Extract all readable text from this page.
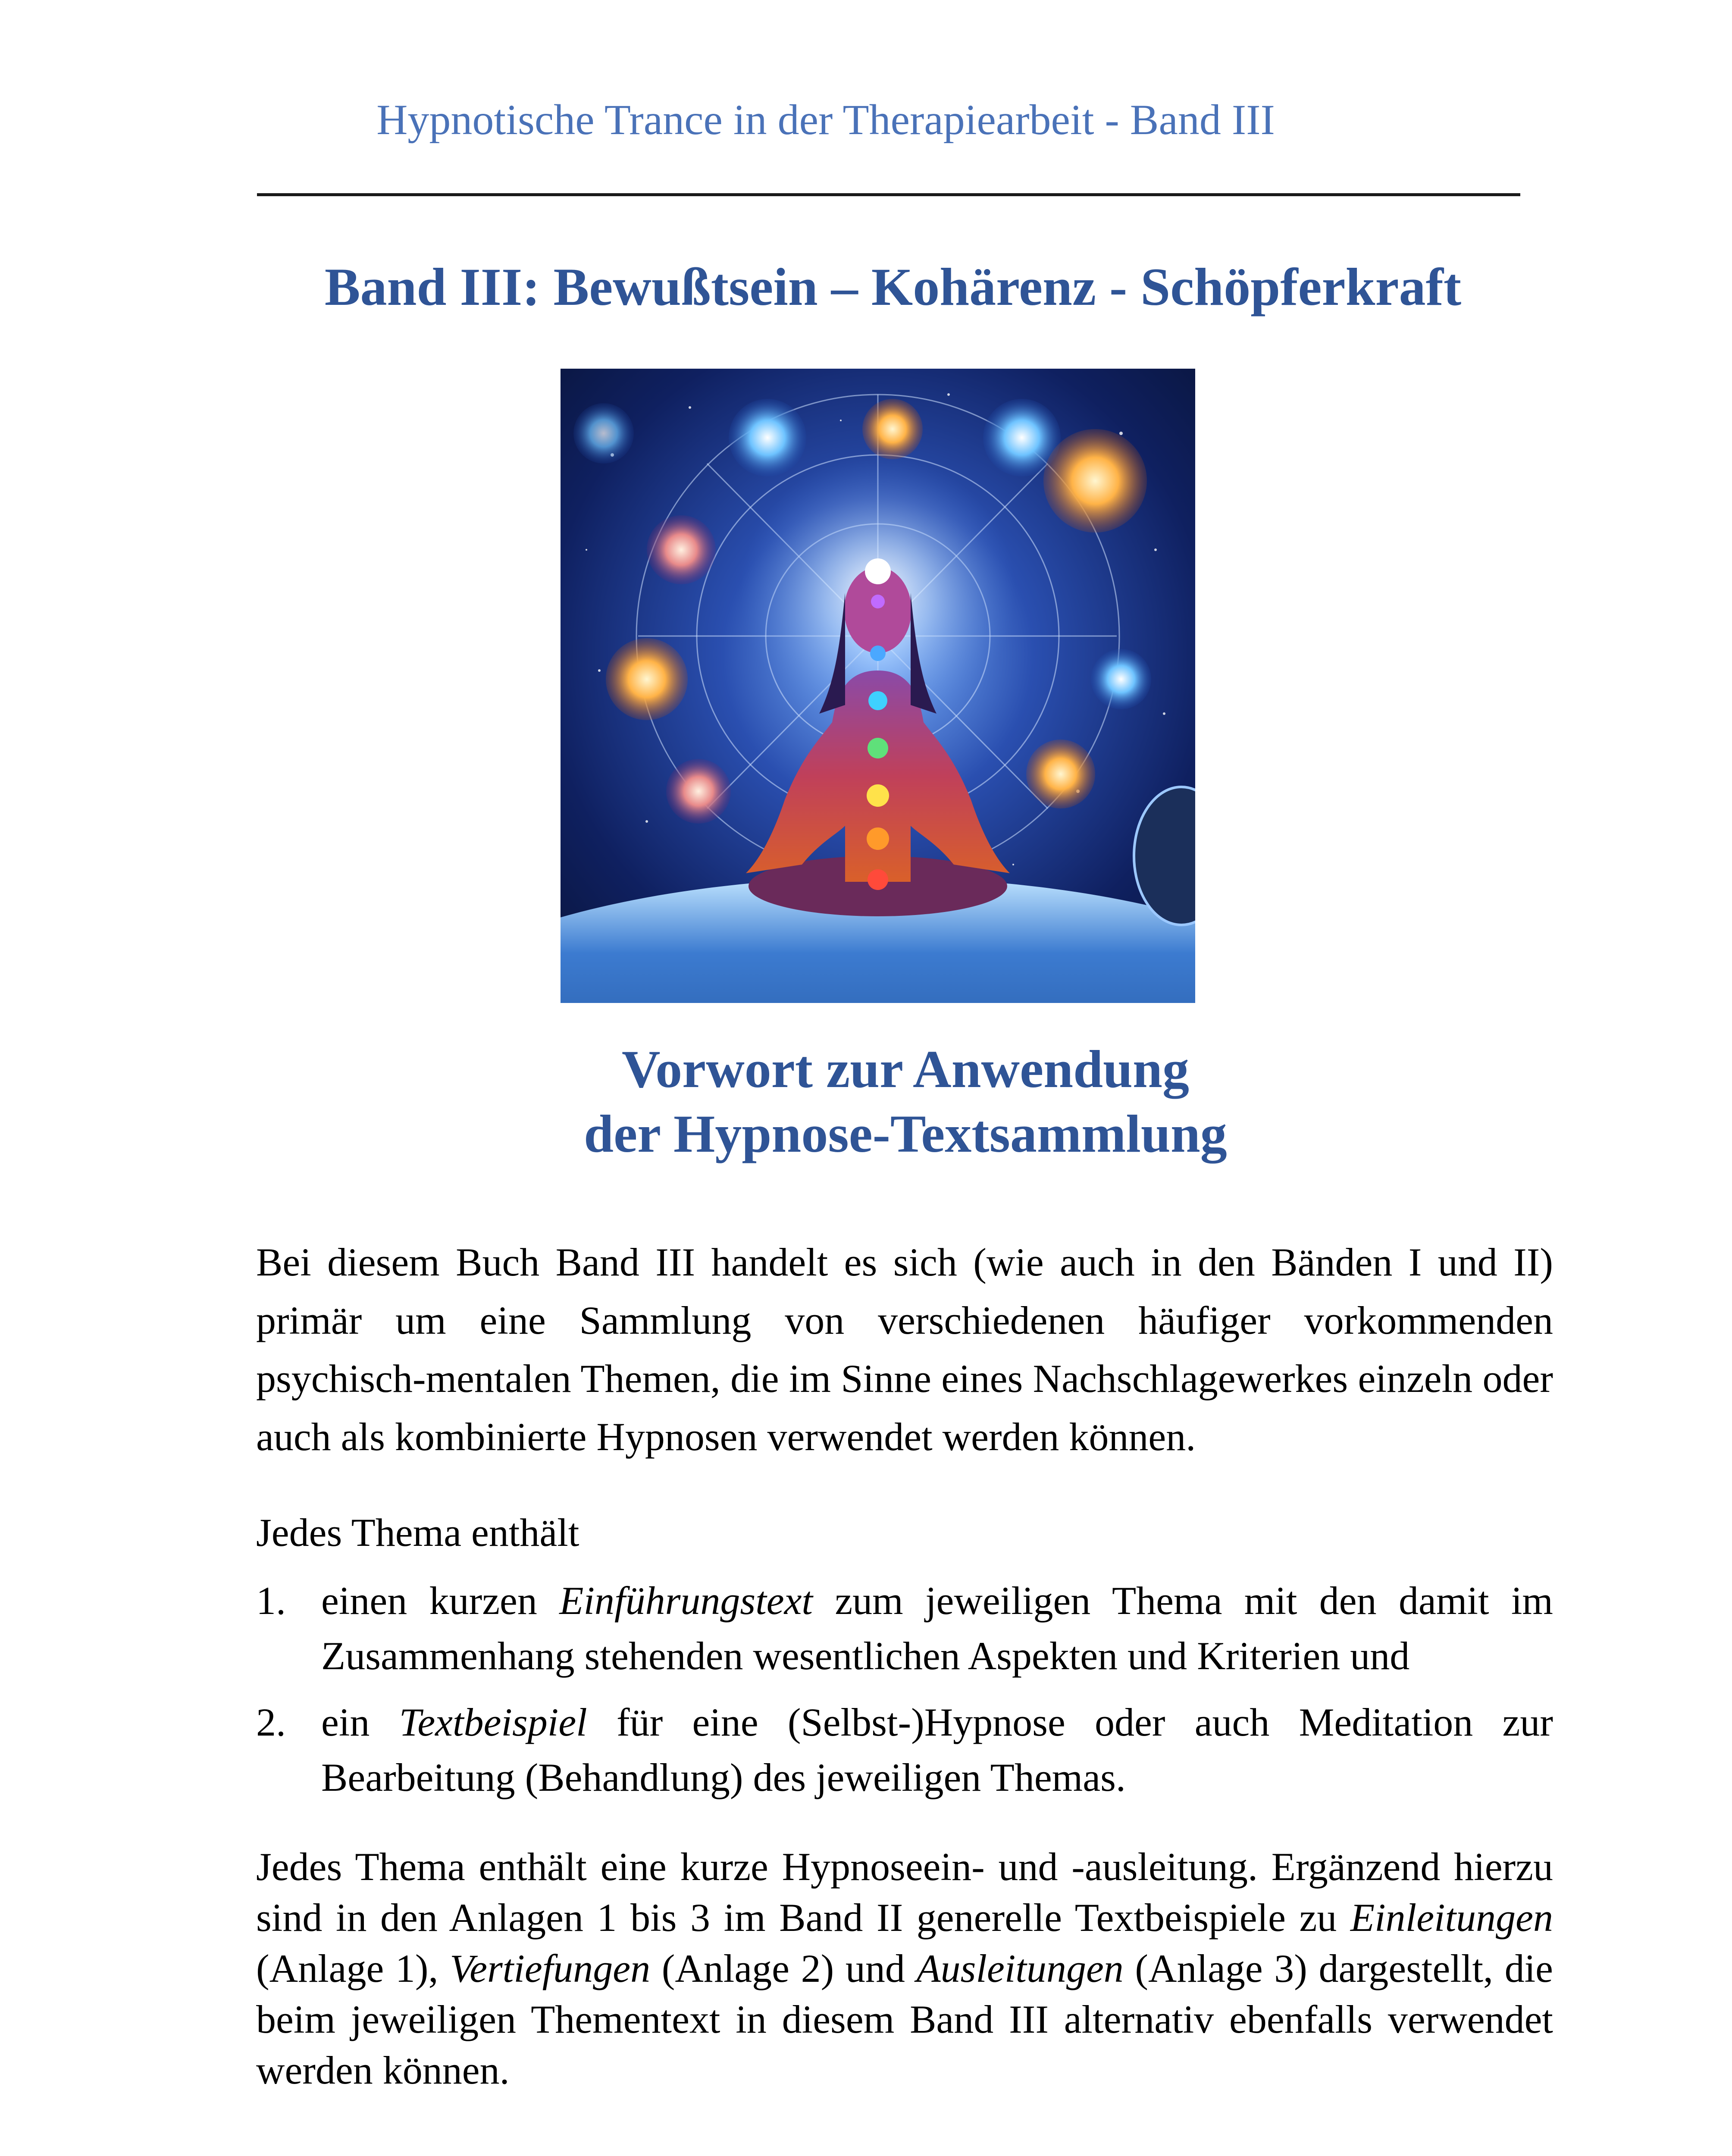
Hypnotische Trance in der Therapiearbeit - Band III
Band III: Bewußtsein – Kohärenz - Schöpferkraft
Vorwort zur Anwendung
der Hypnose-Textsammlung

Bei diesem Buch Band III handelt es sich (wie auch in den Bänden I und II) primär um eine Sammlung von verschiedenen häufiger vorkommenden psychisch-mentalen Themen, die im Sinne eines Nachschlagewerkes einzeln oder auch als kombinierte Hypnosen verwendet werden können.

Jedes Thema enthält

1. einen kurzen Einführungstext zum jeweiligen Thema mit den damit im Zusammenhang stehenden wesentlichen Aspekten und Kriterien und
2. ein Textbeispiel für eine (Selbst-)Hypnose oder auch Meditation zur Bearbeitung (Behandlung) des jeweiligen Themas.

Jedes Thema enthält eine kurze Hypnoseein- und -ausleitung. Ergänzend hierzu sind in den Anlagen 1 bis 3 im Band II generelle Textbeispiele zu Einleitungen (Anlage 1), Vertiefungen (Anlage 2) und Ausleitungen (Anlage 3) dargestellt, die beim jeweiligen Thementext in diesem Band III alternativ ebenfalls verwendet werden können.
